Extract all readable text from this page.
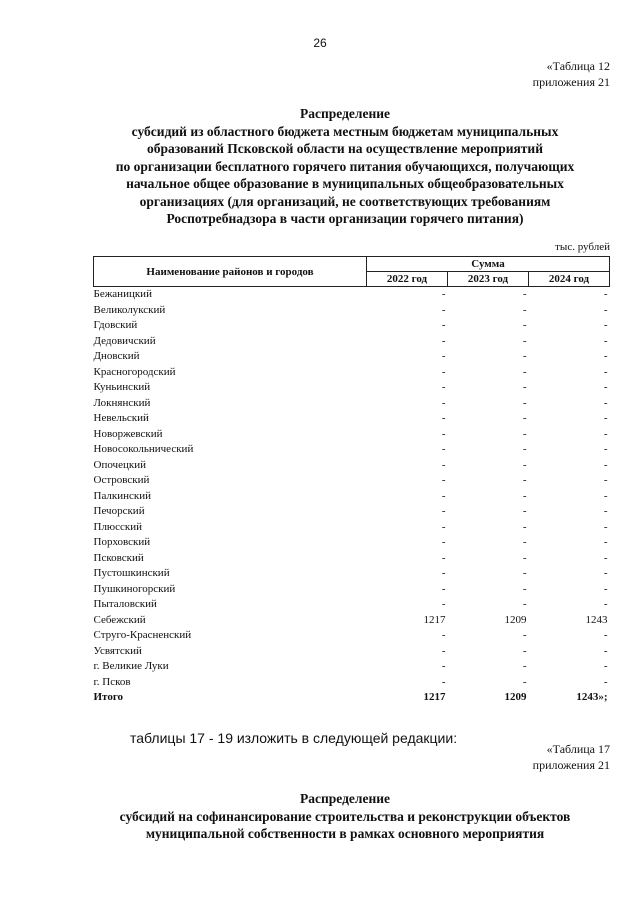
26
«Таблица 12
приложения 21
Распределение
субсидий из областного бюджета местным бюджетам муниципальных
образований Псковской области на осуществление мероприятий
по организации бесплатного горячего питания обучающихся, получающих
начальное общее образование в муниципальных общеобразовательных
организациях (для организаций, не соответствующих требованиям
Роспотребнадзора в части организации горячего питания)
тыс. рублей
Наименование районов и городов	Сумма		
	2022 год	2023 год	2024 год
Бежаницкий	-	-	-
Великолукский	-	-	-
Гдовский	-	-	-
Дедовичский	-	-	-
Дновский	-	-	-
Красногородский	-	-	-
Куньинский	-	-	-
Локнянский	-	-	-
Невельский	-	-	-
Новоржевский	-	-	-
Новосокольнический	-	-	-
Опочецкий	-	-	-
Островский	-	-	-
Палкинский	-	-	-
Печорский	-	-	-
Плюсский	-	-	-
Порховский	-	-	-
Псковский	-	-	-
Пустошкинский	-	-	-
Пушкиногорский	-	-	-
Пыталовский	-	-	-
Себежский	1217	1209	1243
Струго-Красненский	-	-	-
Усвятский	-	-	-
г. Великие Луки	-	-	-
г. Псков	-	-	-
Итого	1217	1209	1243»;
таблицы 17 - 19 изложить в следующей редакции:
«Таблица 17
приложения 21
Распределение
субсидий на софинансирование строительства и реконструкции объектов
муниципальной собственности в рамках основного мероприятия
